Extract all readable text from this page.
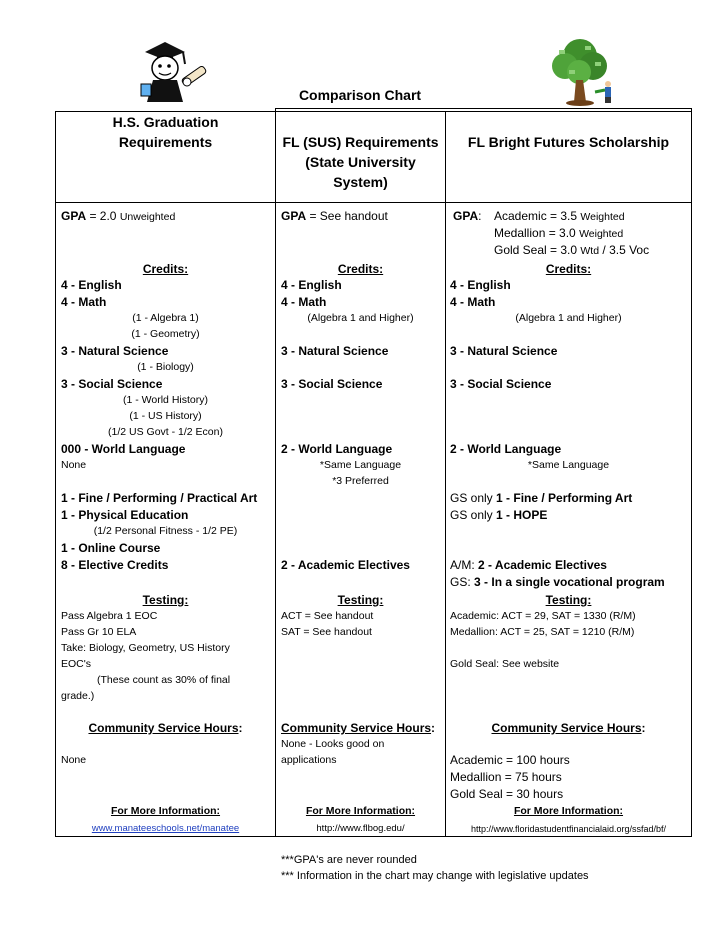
Comparison Chart
H.S. Graduation
Requirements	FL (SUS) Requirements
(State University
System)
FL Bright Futures Scholarship
GPA = 2.0 Unweighted
Credits:
4 - English
4 - Math
(1 - Algebra 1)
(1 - Geometry)
3 - Natural Science
(1 - Biology)
3 - Social Science
(1 - World History)
(1 - US History)
(1/2 US Govt - 1/2 Econ)
000 - World Language
None
1 - Fine / Performing / Practical Art
1 - Physical Education
(1/2 Personal Fitness - 1/2 PE)
1 - Online Course
8 - Elective Credits
Testing:
Pass Algebra 1 EOC
Pass Gr 10 ELA
Take: Biology, Geometry, US History
EOC's
(These count as 30% of final
grade.)
Community Service Hours:
None
For More Information:
www.manateeschools.net/manatee
GPA = See handout
Credits:
4 - English
4 - Math
(Algebra 1 and Higher)
3 - Natural Science
3 - Social Science
2 - World Language
*Same Language
*3 Preferred
2 - Academic Electives
Testing:
ACT = See handout
SAT = See handout
Community Service Hours:
None - Looks good on
applications
For More Information:
http://www.flbog.edu/
GPA: Academic = 3.5 Weighted
Medallion = 3.0 Weighted
Gold Seal = 3.0 Wtd / 3.5 Voc
Credits:
4 - English
4 - Math
(Algebra 1 and Higher)
3 - Natural Science
3 - Social Science
2 - World Language
*Same Language
GS only 1 - Fine / Performing Art
GS only 1 - HOPE
A/M: 2 - Academic Electives
GS: 3 - In a single vocational program
Testing:
Academic: ACT = 29, SAT = 1330 (R/M)
Medallion: ACT = 25, SAT = 1210 (R/M)
Gold Seal: See website
Community Service Hours:
Academic = 100 hours
Medallion = 75 hours
Gold Seal = 30 hours
For More Information:
http://www.floridastudentfinancialaid.org/ssfad/bf/
***GPA's are never rounded
*** Information in the chart may change with legislative updates
